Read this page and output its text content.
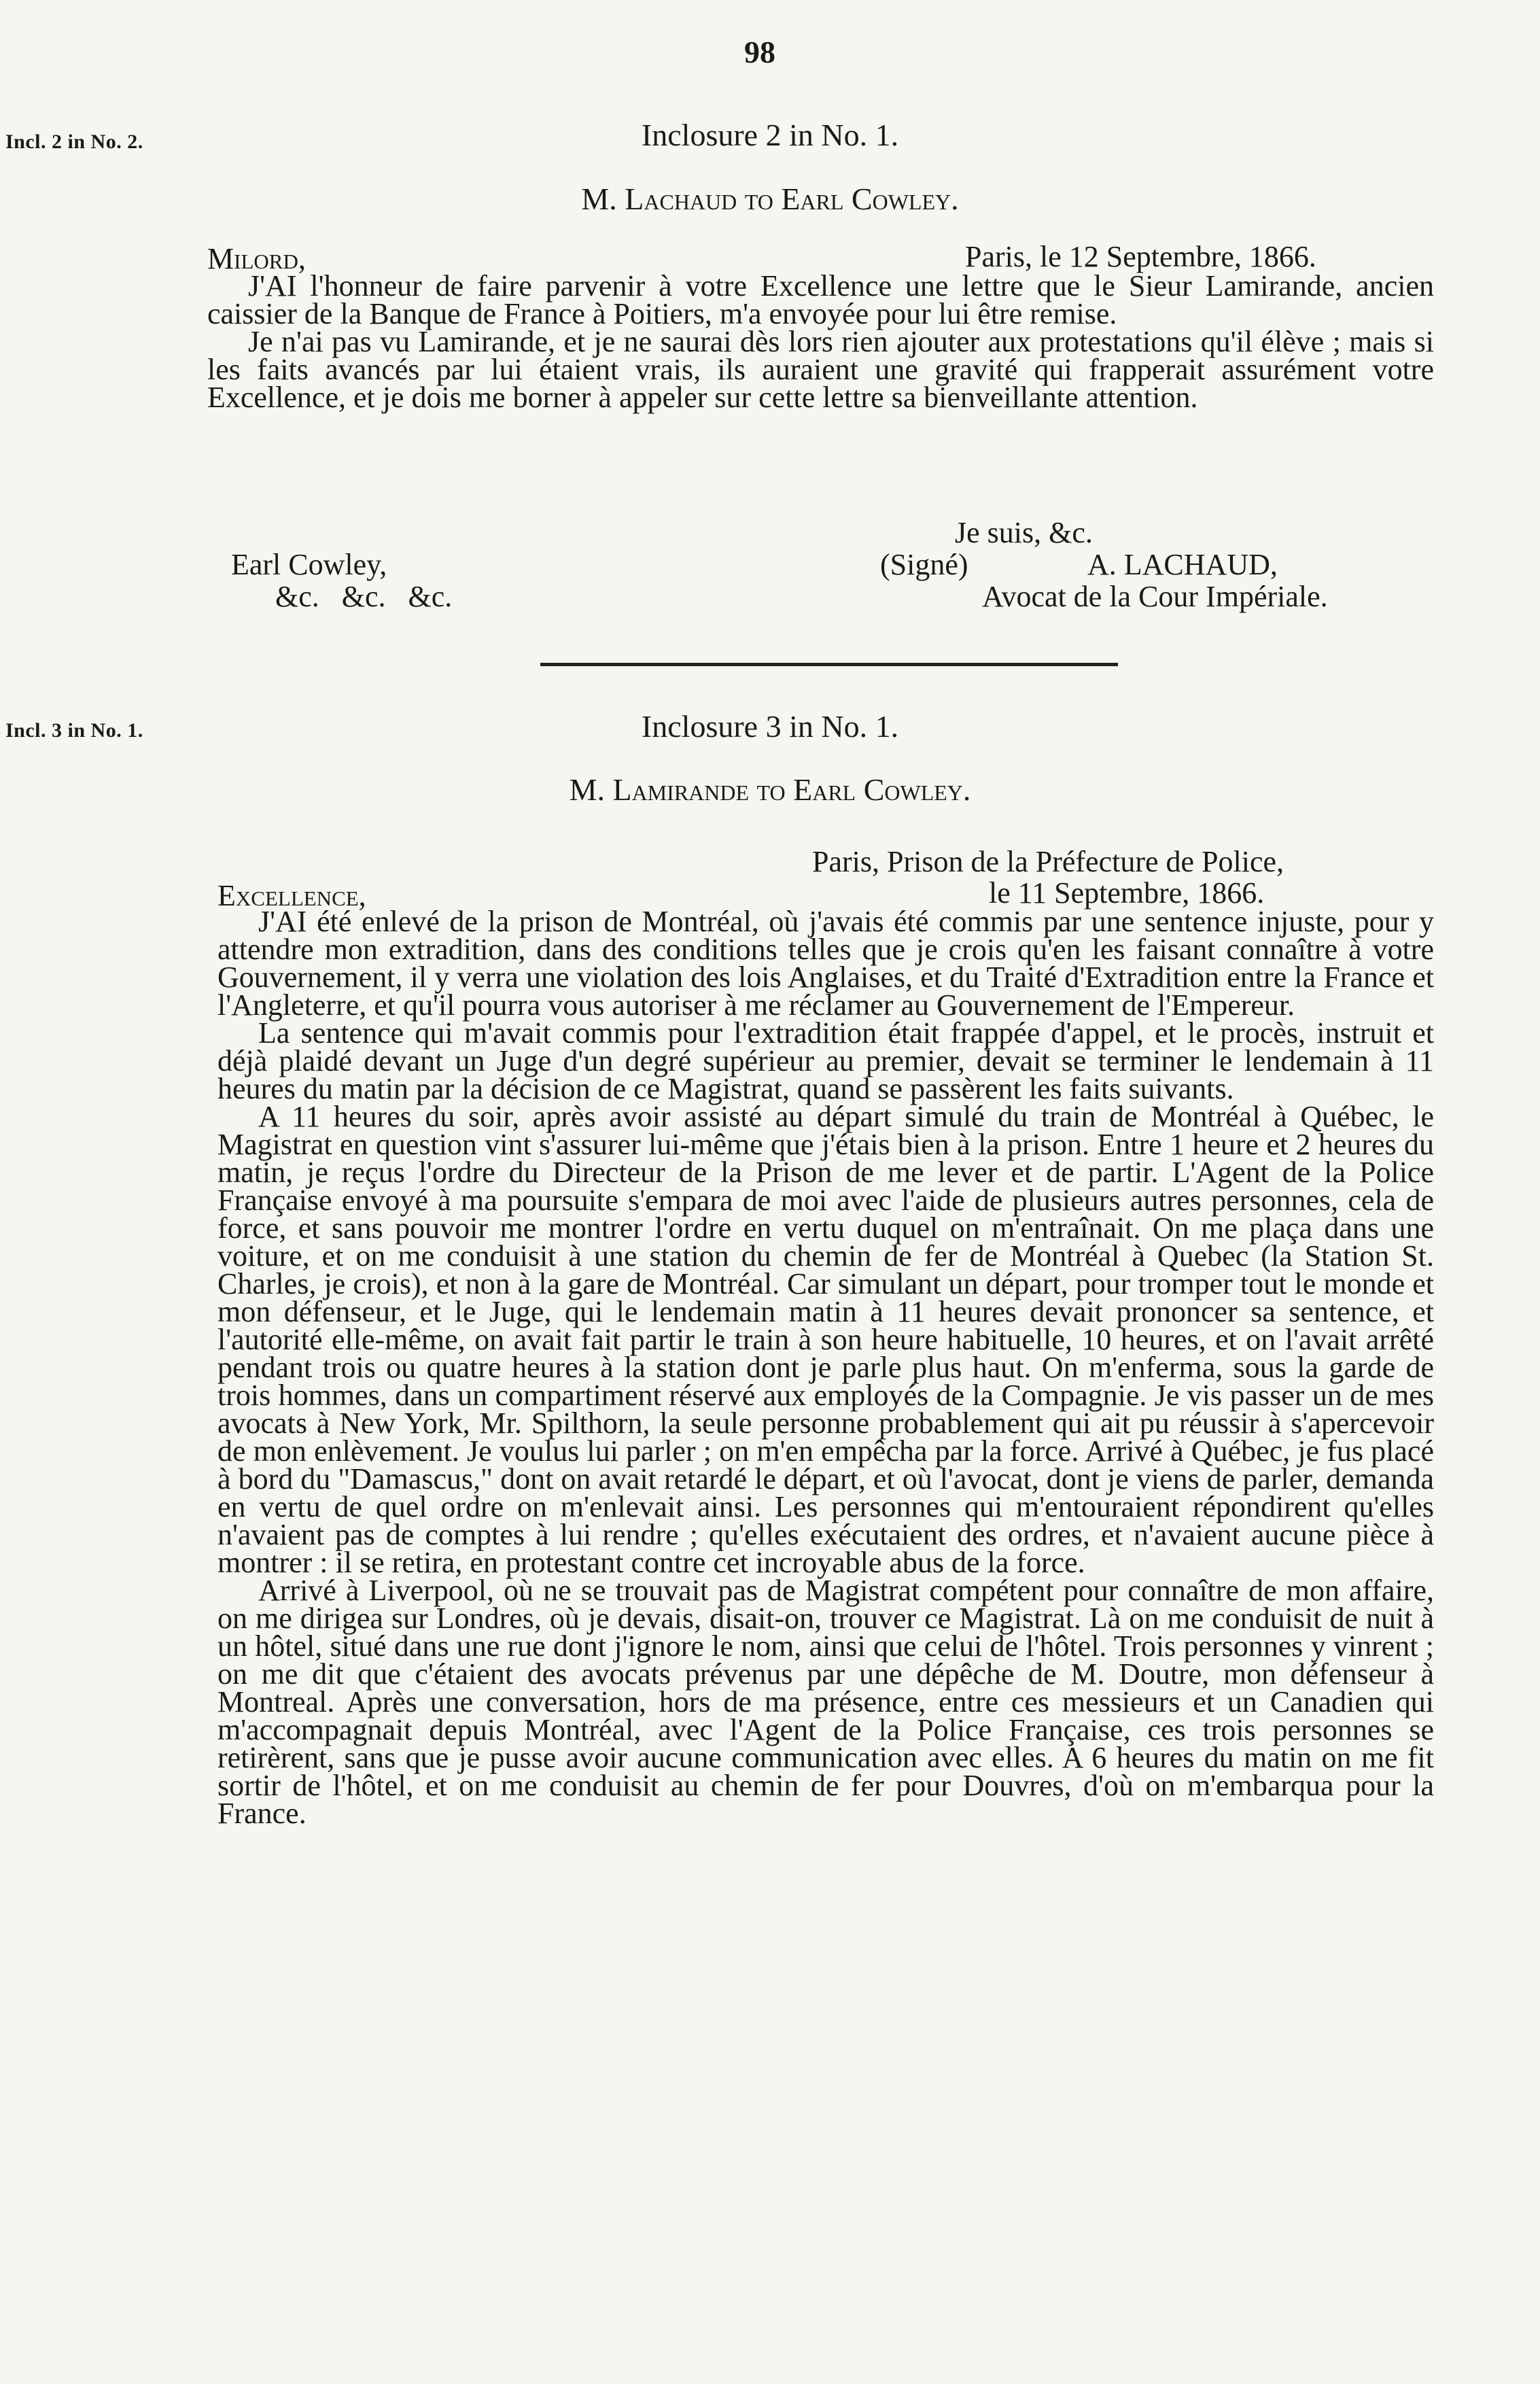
98
Incl. 2 in No. 2.	Inclosure 2 in No. 1.
M. Lachaud to Earl Cowley.
Milord,	Paris, le 12 Septembre, 1866.

J'AI l'honneur de faire parvenir à votre Excellence une lettre que le Sieur Lamirande, ancien caissier de la Banque de France à Poitiers, m'a envoyée pour lui être remise.

Je n'ai pas vu Lamirande, et je ne saurai dès lors rien ajouter aux protestations qu'il élève ; mais si les faits avancés par lui étaient vrais, ils auraient une gravité qui frapperait assurément votre Excellence, et je dois me borner à appeler sur cette lettre sa bienveillante attention.

Je suis, &c.
Earl Cowley,	(Signé)	A. LACHAUD,
&c.   &c.   &c.	Avocat de la Cour Impériale.
Incl. 3 in No. 1.	Inclosure 3 in No. 1.
M. Lamirande to Earl Cowley.
Paris, Prison de la Préfecture de Police,
Excellence,	le 11 Septembre, 1866.

J'AI été enlevé de la prison de Montréal, où j'avais été commis par une sentence injuste, pour y attendre mon extradition, dans des conditions telles que je crois qu'en les faisant connaître à votre Gouvernement, il y verra une violation des lois Anglaises, et du Traité d'Extradition entre la France et l'Angleterre, et qu'il pourra vous autoriser à me réclamer au Gouvernement de l'Empereur.

La sentence qui m'avait commis pour l'extradition était frappée d'appel, et le procès, instruit et déjà plaidé devant un Juge d'un degré supérieur au premier, devait se terminer le lendemain à 11 heures du matin par la décision de ce Magistrat, quand se passèrent les faits suivants.

A 11 heures du soir, après avoir assisté au départ simulé du train de Montréal à Québec, le Magistrat en question vint s'assurer lui-même que j'étais bien à la prison. Entre 1 heure et 2 heures du matin, je reçus l'ordre du Directeur de la Prison de me lever et de partir. L'Agent de la Police Française envoyé à ma poursuite s'empara de moi avec l'aide de plusieurs autres personnes, cela de force, et sans pouvoir me montrer l'ordre en vertu duquel on m'entraînait. On me plaça dans une voiture, et on me conduisit à une station du chemin de fer de Montréal à Quebec (la Station St. Charles, je crois), et non à la gare de Montréal. Car simulant un départ, pour tromper tout le monde et mon défenseur, et le Juge, qui le lendemain matin à 11 heures devait prononcer sa sentence, et l'autorité elle-même, on avait fait partir le train à son heure habituelle, 10 heures, et on l'avait arrêté pendant trois ou quatre heures à la station dont je parle plus haut. On m'enferma, sous la garde de trois hommes, dans un compartiment réservé aux employés de la Compagnie. Je vis passer un de mes avocats à New York, Mr. Spilthorn, la seule personne probablement qui ait pu réussir à s'apercevoir de mon enlèvement. Je voulus lui parler ; on m'en empêcha par la force. Arrivé à Québec, je fus placé à bord du "Damascus," dont on avait retardé le départ, et où l'avocat, dont je viens de parler, demanda en vertu de quel ordre on m'enlevait ainsi. Les personnes qui m'entouraient répondirent qu'elles n'avaient pas de comptes à lui rendre ; qu'elles exécutaient des ordres, et n'avaient aucune pièce à montrer : il se retira, en protestant contre cet incroyable abus de la force.

Arrivé à Liverpool, où ne se trouvait pas de Magistrat compétent pour connaître de mon affaire, on me dirigea sur Londres, où je devais, disait-on, trouver ce Magistrat. Là on me conduisit de nuit à un hôtel, situé dans une rue dont j'ignore le nom, ainsi que celui de l'hôtel. Trois personnes y vinrent ; on me dit que c'étaient des avocats prévenus par une dépêche de M. Doutre, mon défenseur à Montreal. Après une conversation, hors de ma présence, entre ces messieurs et un Canadien qui m'accompagnait depuis Montréal, avec l'Agent de la Police Française, ces trois personnes se retirèrent, sans que je pusse avoir aucune communication avec elles. A 6 heures du matin on me fit sortir de l'hôtel, et on me conduisit au chemin de fer pour Douvres, d'où on m'embarqua pour la France.
